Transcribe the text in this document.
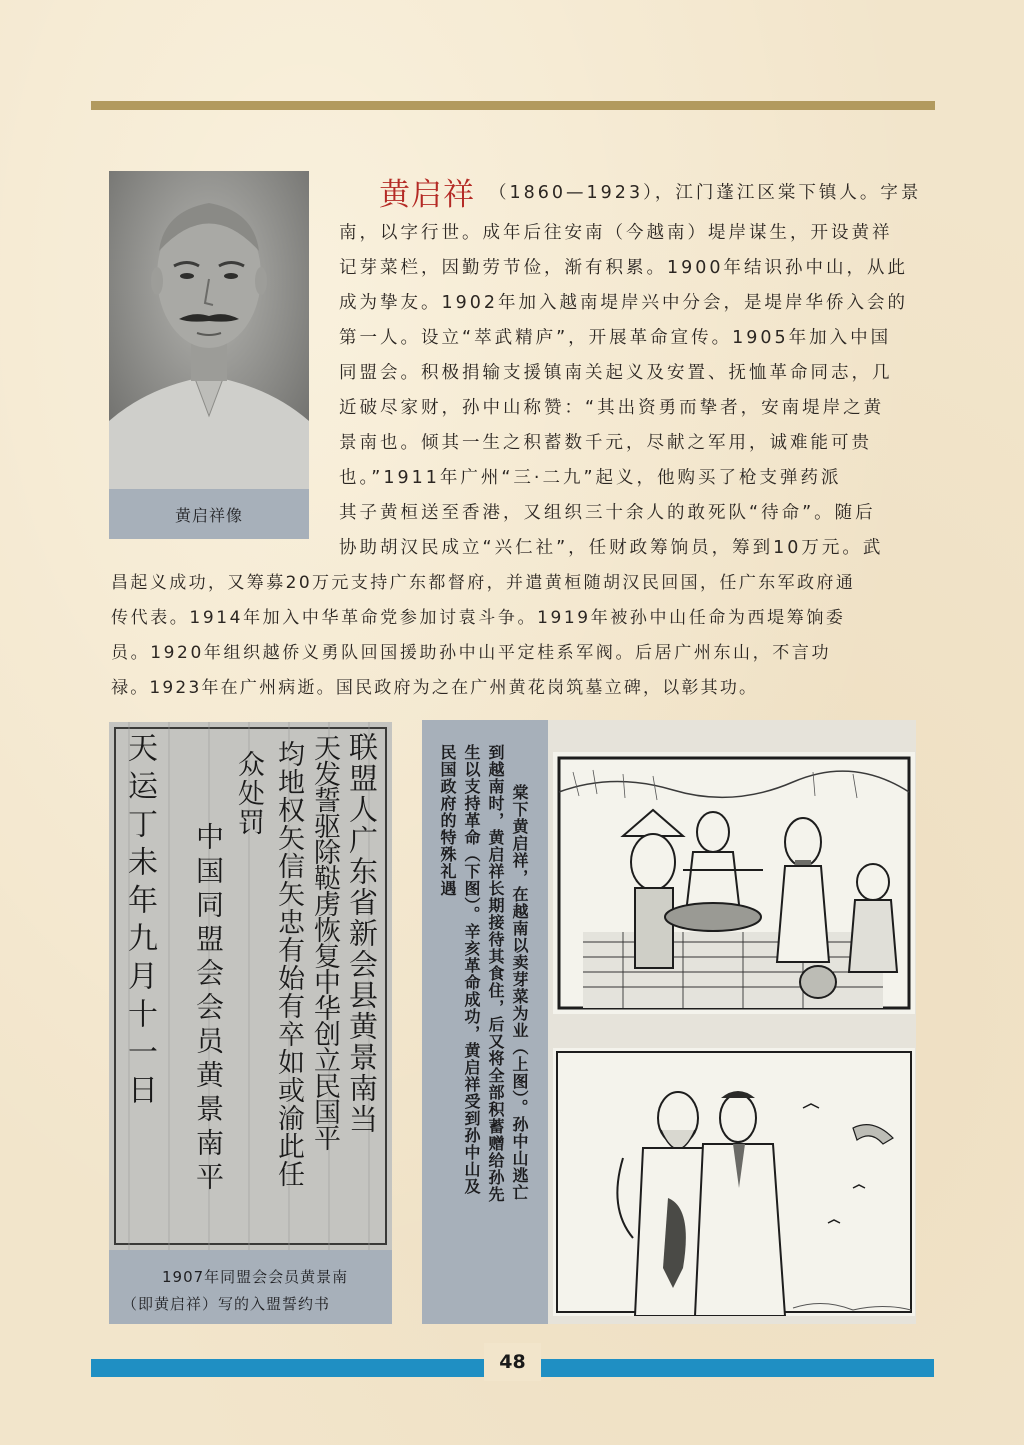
黄启祥像
黄启祥 （1860—1923），江门蓬江区棠下镇人。字景
南，以字行世。成年后往安南（今越南）堤岸谋生，开设黄祥
记芽菜栏，因勤劳节俭，渐有积累。1900年结识孙中山，从此
成为挚友。1902年加入越南堤岸兴中分会，是堤岸华侨入会的
第一人。设立“萃武精庐”，开展革命宣传。1905年加入中国
同盟会。积极捐输支援镇南关起义及安置、抚恤革命同志，几
近破尽家财，孙中山称赞：“其出资勇而挚者，安南堤岸之黄
景南也。倾其一生之积蓄数千元，尽献之军用，诚难能可贵
也。”1911年广州“三·二九”起义，他购买了枪支弹药派
其子黄桓送至香港，又组织三十余人的敢死队“待命”。随后
协助胡汉民成立“兴仁社”，任财政筹饷员，筹到10万元。武
昌起义成功，又筹募20万元支持广东都督府，并遣黄桓随胡汉民回国，任广东军政府通
传代表。1914年加入中华革命党参加讨袁斗争。1919年被孙中山任命为西堤筹饷委
员。1920年组织越侨义勇队回国援助孙中山平定桂系军阀。后居广州东山，不言功
禄。1923年在广州病逝。国民政府为之在广州黄花岗筑墓立碑，以彰其功。
联盟人广东省新会县黄景南当
天发誓驱除鞑虏恢复中华创立民国平
均地权矢信矢忠有始有卒如或渝此任
众处罚
中国同盟会会员黄景南平
天运丁未年九月十一日
1907年同盟会会员黄景南
（即黄启祥）写的入盟誓约书
棠下黄启祥，在越南以卖芽菜为业（上图）。孙中山逃亡
到越南时，黄启祥长期接待其食住，后又将全部积蓄赠给孙先
生以支持革命（下图）。辛亥革命成功，黄启祥受到孙中山及
民国政府的特殊礼遇
48
